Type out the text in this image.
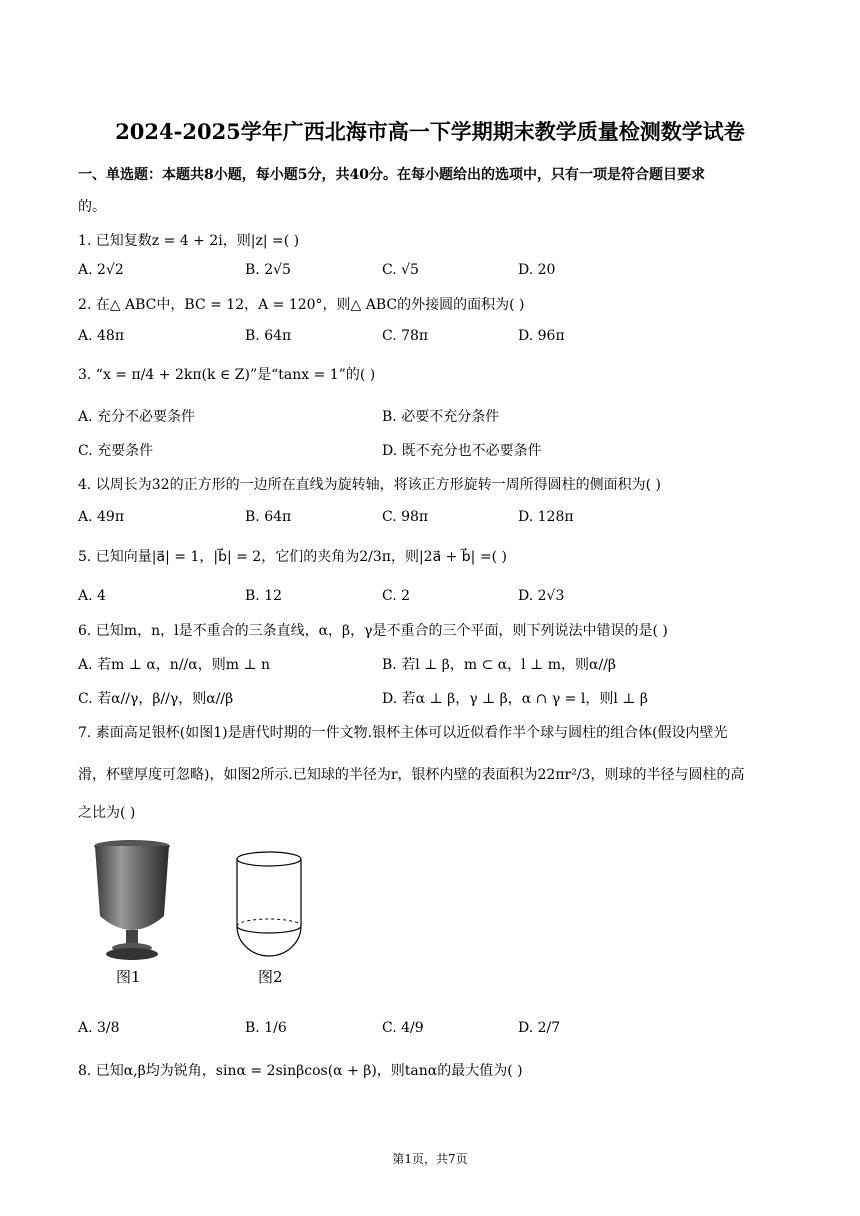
2024-2025学年广西北海市高一下学期期末教学质量检测数学试卷
一、单选题：本题共8小题，每小题5分，共40分。在每小题给出的选项中，只有一项是符合题目要求
的。
1. 已知复数z = 4 + 2i，则|z| =( )
A. 2√2	B. 2√5	C. √5	D. 20
2. 在△ ABC中，BC = 12，A = 120°，则△ ABC的外接圆的面积为( )
A. 48π	B. 64π	C. 78π	D. 96π
3. “x = π/4 + 2kπ(k ∈ Z)”是“tanx = 1”的( )
A. 充分不必要条件	B. 必要不充分条件
C. 充要条件	D. 既不充分也不必要条件
4. 以周长为32的正方形的一边所在直线为旋转轴，将该正方形旋转一周所得圆柱的侧面积为( )
A. 49π	B. 64π	C. 98π	D. 128π
5. 已知向量|a⃗| = 1，|b⃗| = 2，它们的夹角为2/3π，则|2a⃗ + b⃗| =( )
A. 4	B. 12	C. 2	D. 2√3
6. 已知m，n，l是不重合的三条直线，α，β，γ是不重合的三个平面，则下列说法中错误的是( )
A. 若m ⊥ α，n//α，则m ⊥ n	B. 若l ⊥ β，m ⊂ α，l ⊥ m，则α//β
C. 若α//γ，β//γ，则α//β	D. 若α ⊥ β，γ ⊥ β，α ∩ γ = l，则l ⊥ β
7. 素面高足银杯(如图1)是唐代时期的一件文物.银杯主体可以近似看作半个球与圆柱的组合体(假设内壁光
滑，杯壁厚度可忽略)，如图2所示.已知球的半径为r，银杯内壁的表面积为22πr²/3，则球的半径与圆柱的高
之比为( )
图1	图2
A. 3/8	B. 1/6	C. 4/9	D. 2/7
8. 已知α,β均为锐角，sinα = 2sinβcos(α + β)，则tanα的最大值为( )
第1页，共7页
